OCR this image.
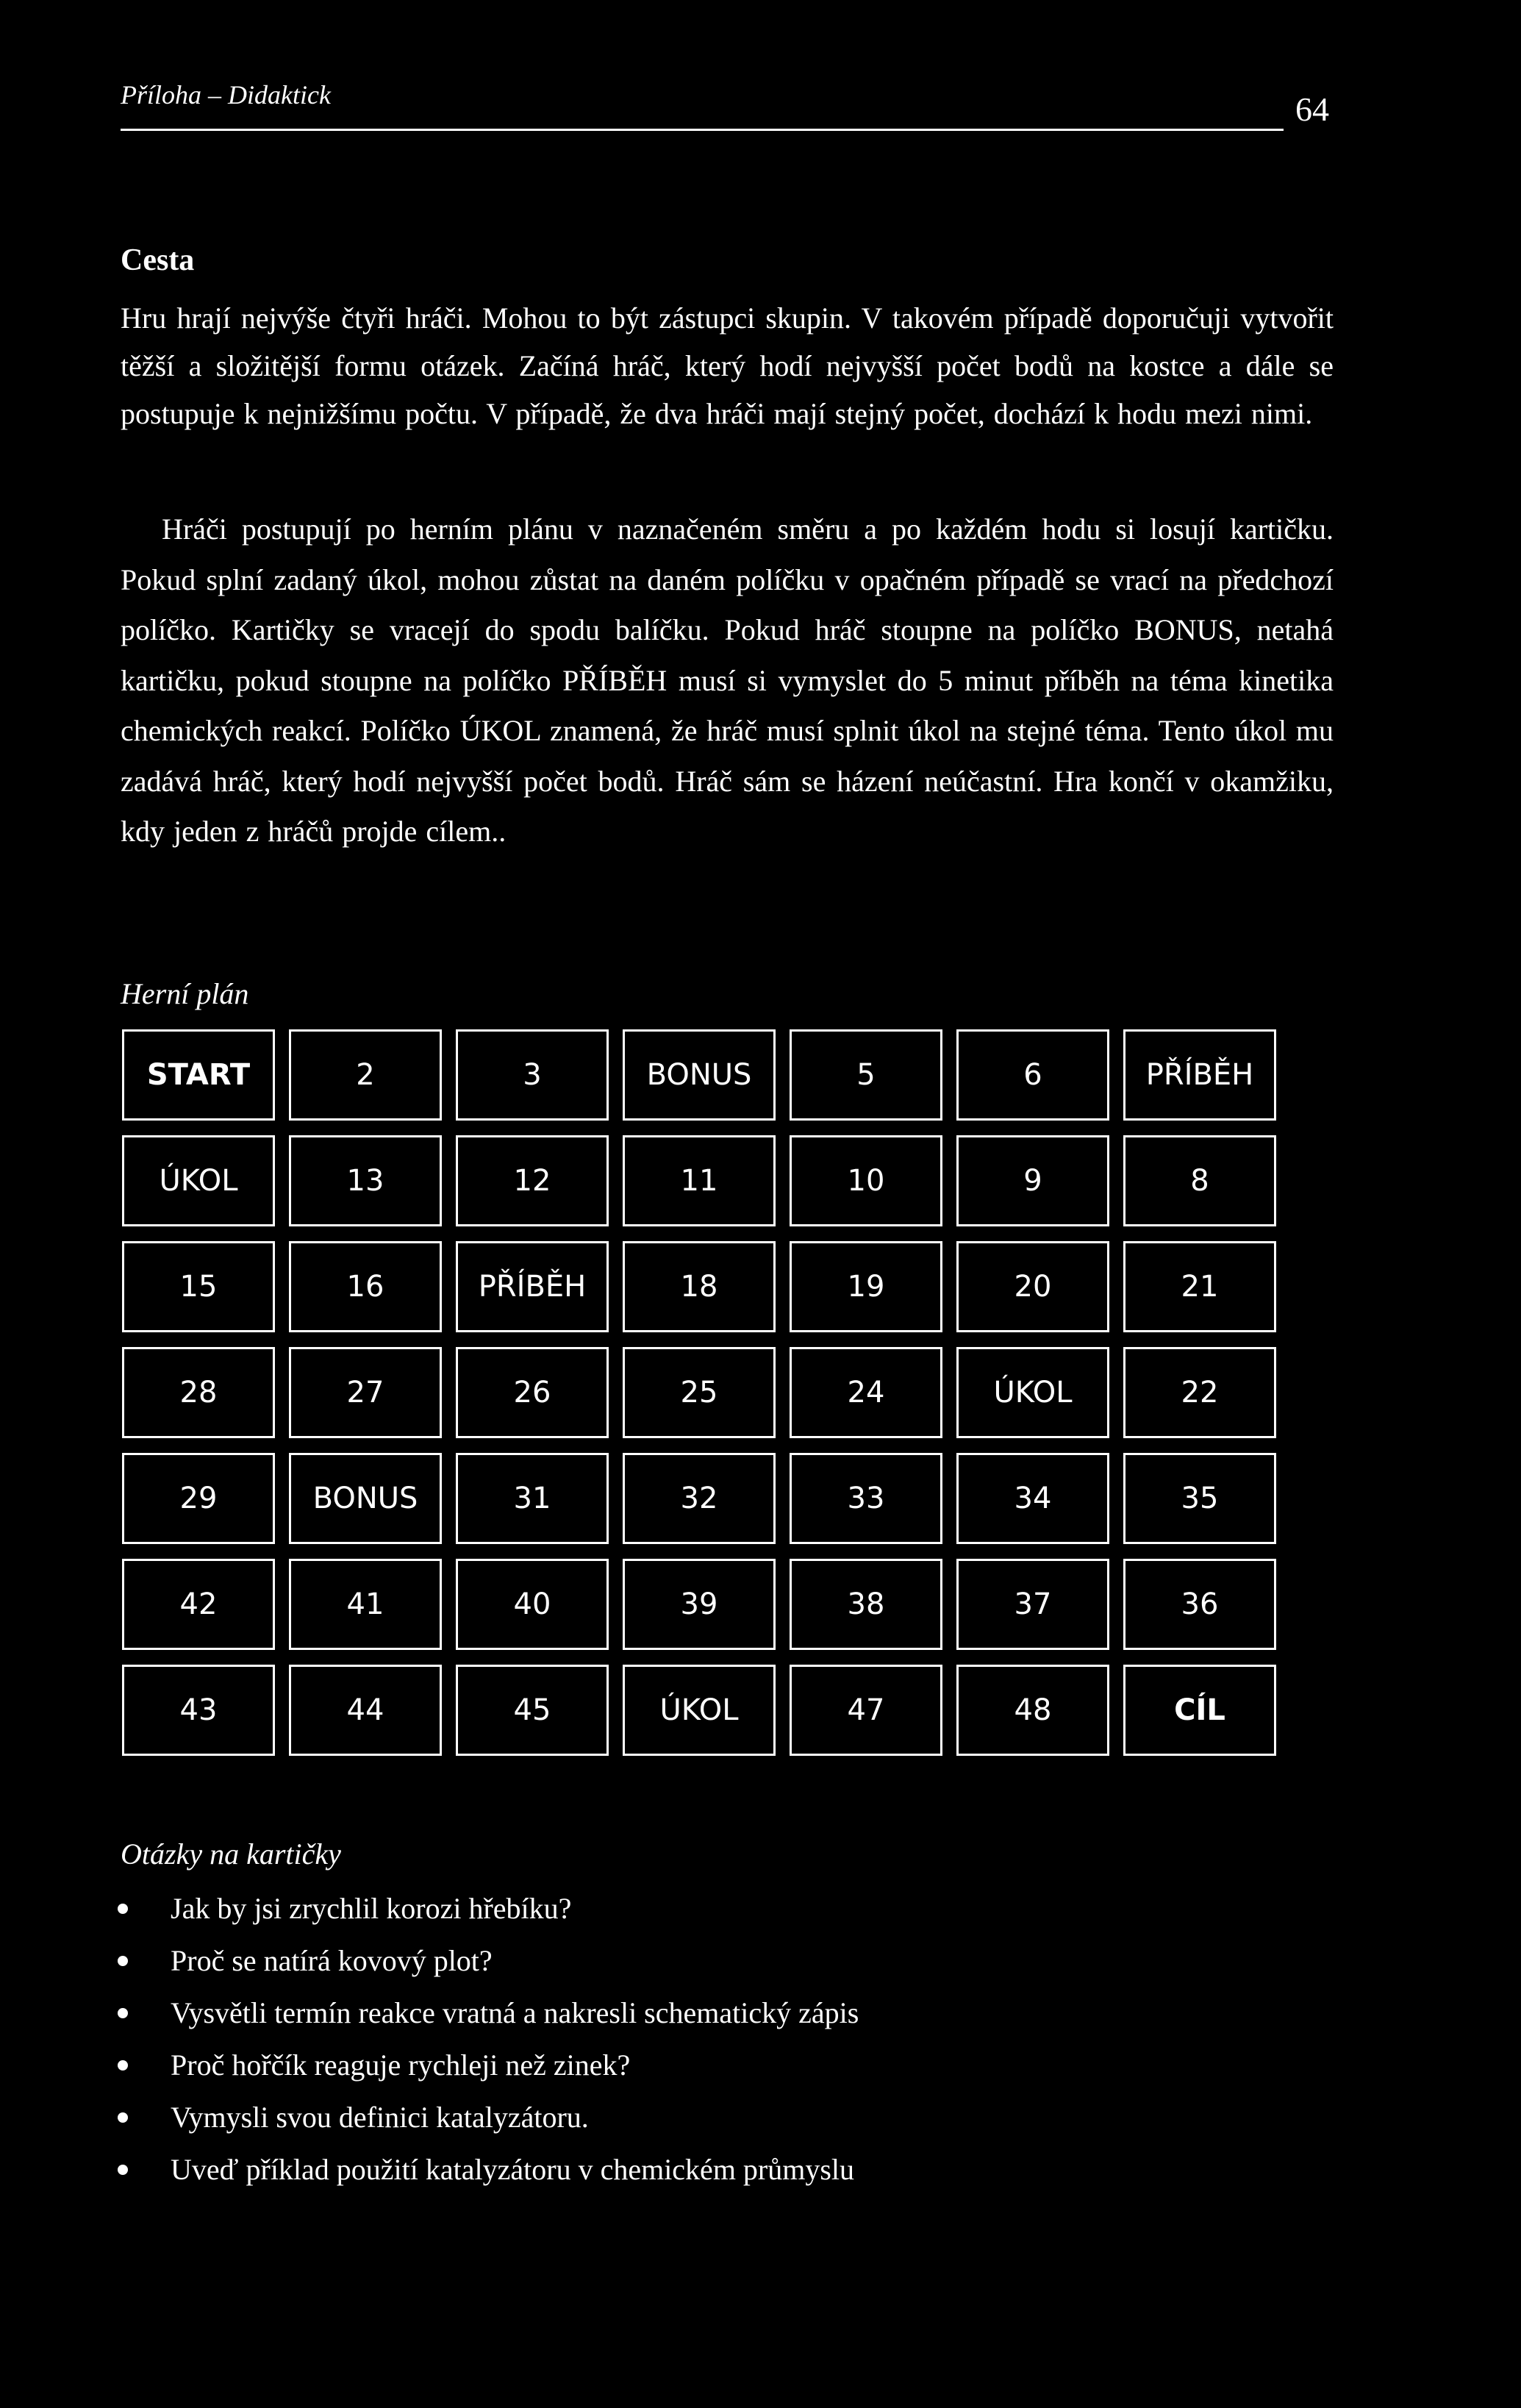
Příloha – Didaktick	64
Cesta
Hru hrají nejvýše čtyři hráči. Mohou to být zástupci skupin. V takovém případě doporučuji vytvořit těžší a složitější formu otázek. Začíná hráč, který hodí nejvyšší počet bodů na kostce a dále se postupuje k nejnižšímu počtu. V případě, že dva hráči mají stejný počet, dochází k hodu mezi nimi.
Hráči postupují po herním plánu v naznačeném směru a po každém hodu si losují kartičku. Pokud splní zadaný úkol, mohou zůstat na daném políčku v opačném případě se vrací na předchozí políčko. Kartičky se vracejí do spodu balíčku. Pokud hráč stoupne na políčko BONUS, netahá kartičku, pokud stoupne na políčko PŘÍBĚH musí si vymyslet do 5 minut příběh na téma kinetika chemických reakcí. Políčko ÚKOL znamená, že hráč musí splnit úkol na stejné téma. Tento úkol mu zadává hráč, který hodí nejvyšší počet bodů. Hráč sám se házení neúčastní. Hra končí v okamžiku, kdy jeden z hráčů projde cílem..
Herní plán
START	2	3	BONUS	5	6	PŘÍBĚH
ÚKOL	13	12	11	10	9	8
15	16	PŘÍBĚH	18	19	20	21
28	27	26	25	24	ÚKOL	22
29	BONUS	31	32	33	34	35
42	41	40	39	38	37	36
43	44	45	ÚKOL	47	48	CÍL
Otázky na kartičky
Jak by jsi zrychlil korozi hřebíku?
Proč se natírá kovový plot?
Vysvětli termín reakce vratná a nakresli schematický zápis
Proč hořčík reaguje rychleji než zinek?
Vymysli svou definici katalyzátoru.
Uveď příklad použití katalyzátoru v chemickém průmyslu
